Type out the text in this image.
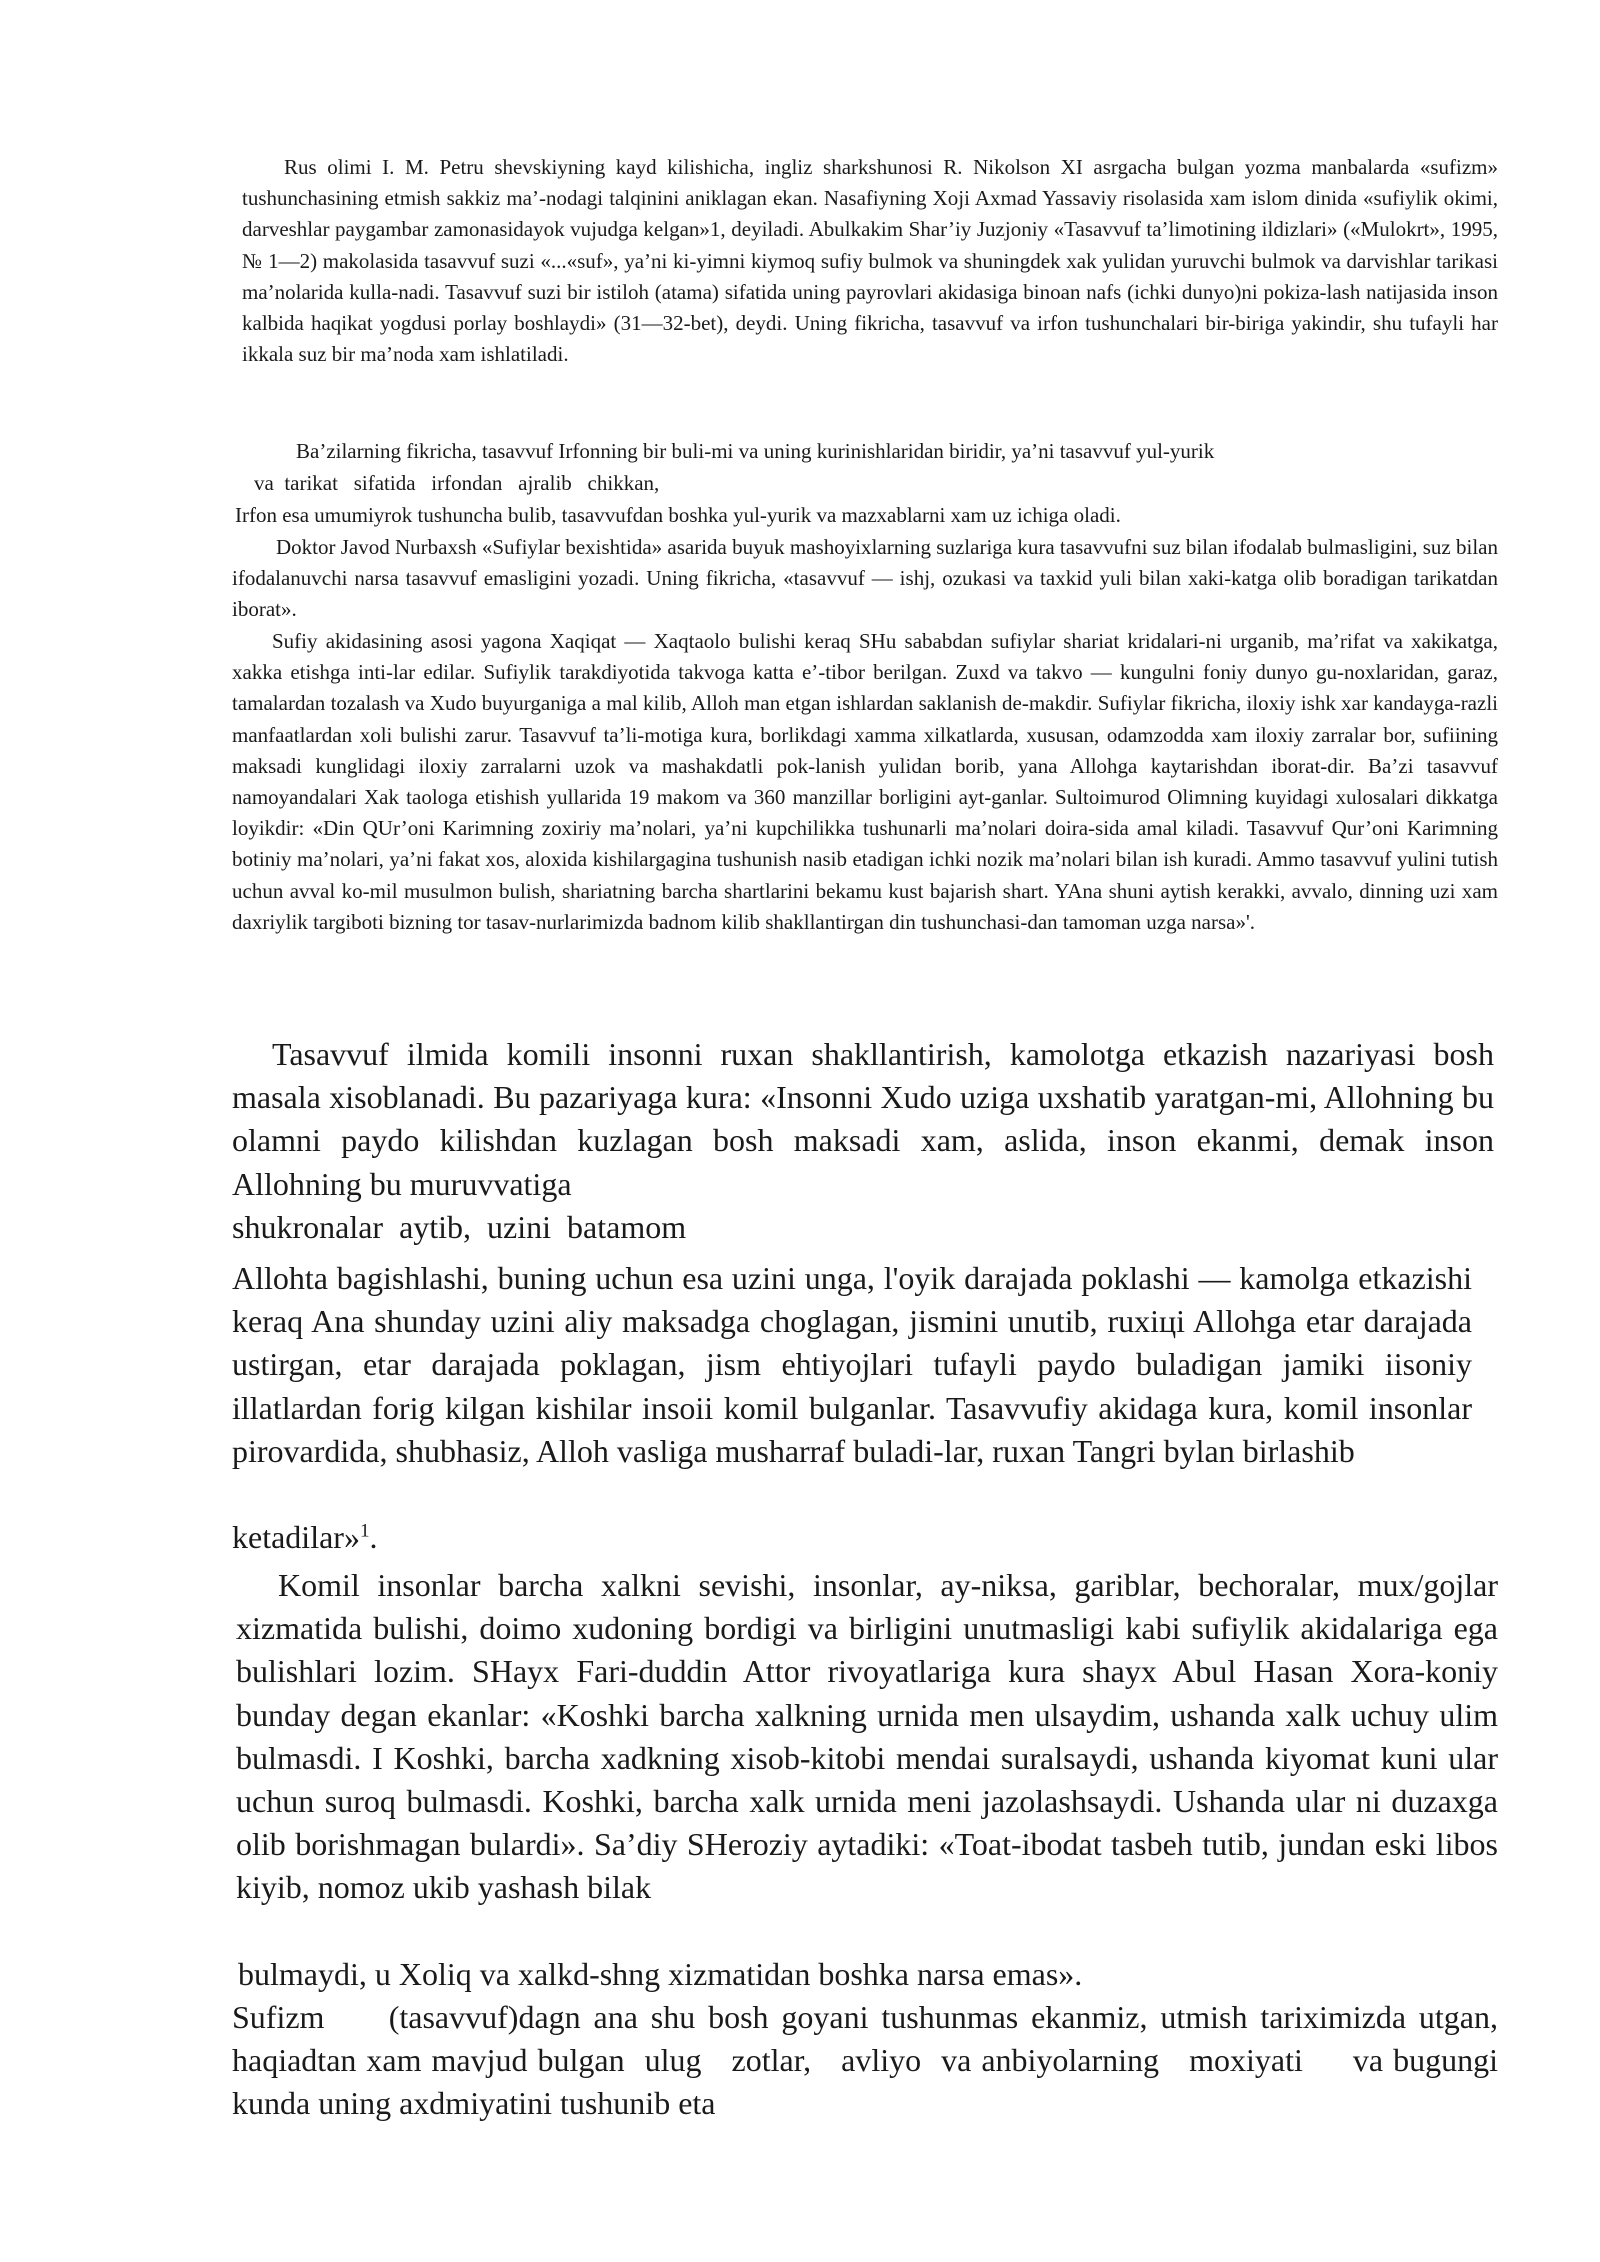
Rus olimi I. M. Petru shevskiyning kayd kilishicha, ingliz sharkshunosi R. Nikolson XI asrgacha bulgan yozma manbalarda «sufizm» tushunchasining etmish sakkiz ma’-nodagi talqinini aniklagan ekan. Nasafiyning Xoji Axmad Yassaviy risolasida xam islom dinida «sufiylik okimi, darveshlar paygambar zamonasidayok vujudga kelgan»1, deyiladi. Abulkakim Shar’iy Juzjoniy «Tasavvuf ta’limotining ildizlari» («Mulokrt», 1995, № 1—2) makolasida tasavvuf suzi «...«suf», ya’ni ki-yimni kiymoq sufiy bulmok va shuningdek xak yulidan yuruvchi bulmok va darvishlar tarikasi ma’nolarida kulla-nadi. Tasavvuf suzi bir istiloh (atama) sifatida uning payrovlari akidasiga binoan nafs (ichki dunyo)ni pokiza-lash natijasida inson kalbida haqikat yogdusi porlay boshlaydi» (31—32-bet), deydi. Uning fikricha, tasavvuf va irfon tushunchalari bir-biriga yakindir, shu tufayli har ikkala suz bir ma’noda xam ishlatiladi.

Ba’zilarning fikricha, tasavvuf Irfonning bir buli-mi va uning kurinishlaridan biridir, ya’ni tasavvuf yul-yurik

va  tarikat   sifatida   irfondan   ajralib   chikkan,

Irfon esa umumiyrok tushuncha bulib, tasavvufdan boshka yul-yurik va mazxablarni xam uz ichiga oladi.

Doktor Javod Nurbaxsh «Sufiylar bexishtida» asarida buyuk mashoyixlarning suzlariga kura tasavvufni suz bilan ifodalab bulmasligini, suz bilan ifodalanuvchi narsa tasavvuf emasligini yozadi. Uning fikricha, «tasavvuf — ishj, ozukasi va taxkid yuli bilan xaki-katga olib boradigan tarikatdan iborat».

Sufiy akidasining asosi yagona Xaqiqat — Xaqtaolo bulishi keraq SHu sababdan sufiylar shariat kridalari-ni urganib, ma’rifat va xakikatga, xakka etishga inti-lar edilar. Sufiylik tarakdiyotida takvoga katta e’-tibor berilgan. Zuxd va takvo — kungulni foniy dunyo gu-noxlaridan, garaz, tamalardan tozalash va Xudo buyurganiga a mal kilib, Alloh man etgan ishlardan saklanish de-makdir. Sufiylar fikricha, iloxiy ishk xar kandayga-razli manfaatlardan xoli bulishi zarur. Tasavvuf ta’li-motiga kura, borlikdagi xamma xilkatlarda, xususan, odamzodda xam iloxiy zarralar bor, sufiining maksadi kunglidagi iloxiy zarralarni uzok va mashakdatli pok-lanish yulidan borib, yana Allohga kaytarishdan iborat-dir. Ba’zi tasavvuf namoyandalari Xak taologa etishish yullarida 19 makom va 360 manzillar borligini ayt-ganlar. Sultoimurod Olimning kuyidagi xulosalari dikkatga loyikdir: «Din QUr’oni Karimning zoxiriy ma’nolari, ya’ni kupchilikka tushunarli ma’nolari doira-sida amal kiladi. Tasavvuf Qur’oni Karimning botiniy ma’nolari, ya’ni fakat xos, aloxida kishilargagina tushunish nasib etadigan ichki nozik ma’nolari bilan ish kuradi. Ammo tasavvuf yulini tutish uchun avval ko-mil musulmon bulish, shariatning barcha shartlarini bekamu kust bajarish shart. YAna shuni aytish kerakki, avvalo, dinning uzi xam daxriylik targiboti bizning tor tasav-nurlarimizda badnom kilib shakllantirgan din tushunchasi-dan tamoman uzga narsa»'.

Tasavvuf ilmida komili insonni ruxan shakllantirish, kamolotga etkazish nazariyasi bosh masala xisoblanadi. Bu pazariyaga kura: «Insonni Xudo uziga uxshatib yaratgan-mi, Allohning bu olamni paydo kilishdan kuzlagan bosh maksadi xam, aslida, inson ekanmi, demak inson Allohning bu muruvvatiga

shukronalar  aytib,  uzini  batamom

Allohta bagishlashi, buning uchun esa uzini unga, l'oyik darajada poklashi — kamolga etkazishi keraq Ana shunday uzini aliy maksadga choglagan, jismini unutib, ruxiцi Allohga etar darajada ustirgan, etar darajada poklagan, jism ehtiyojlari tufayli paydo buladigan jamiki iisoniy illatlardan forig kilgan kishilar insoii komil bulganlar. Tasavvufiy akidaga kura, komil insonlar pirovardida, shubhasiz, Alloh vasliga musharraf buladi-lar, ruxan Tangri bylan birlashib

ketadilar»$^1$.

Komil insonlar barcha xalkni sevishi, insonlar, ay-niksa, gariblar, bechoralar, mux/gojlar xizmatida bulishi, doimo xudoning bordigi va birligini unutmasligi kabi sufiylik akidalariga ega bulishlari lozim. SHayx Fari-duddin Attor rivoyatlariga kura shayx Abul Hasan Xora-koniy bunday degan ekanlar: «Koshki barcha xalkning urnida men ulsaydim, ushanda xalk uchuy ulim bulmasdi. I Koshki, barcha xadkning xisob-kitobi mendai suralsaydi, ushanda kiyomat kuni ular uchun suroq bulmasdi. Koshki, barcha xalk urnida meni jazolashsaydi. Ushanda ular ni duzaxga olib borishmagan bulardi». Sa’diy SHeroziy aytadiki: «Toat-ibodat tasbeh tutib, jundan eski libos kiyib, nomoz ukib yashash bilak

bulmaydi, u Xoliq va xalkd-shng xizmatidan boshka narsa emas».

Sufizm     (tasavvuf)dagn ana shu bosh goyani tushunmas ekanmiz, utmish tariximizda utgan, haqiadtan xam mavjud bulgan  ulug   zotlar,   avliyo  va anbiyolarning   moxiyati     va bugungi kunda uning axdmiyatini tushunib eta
